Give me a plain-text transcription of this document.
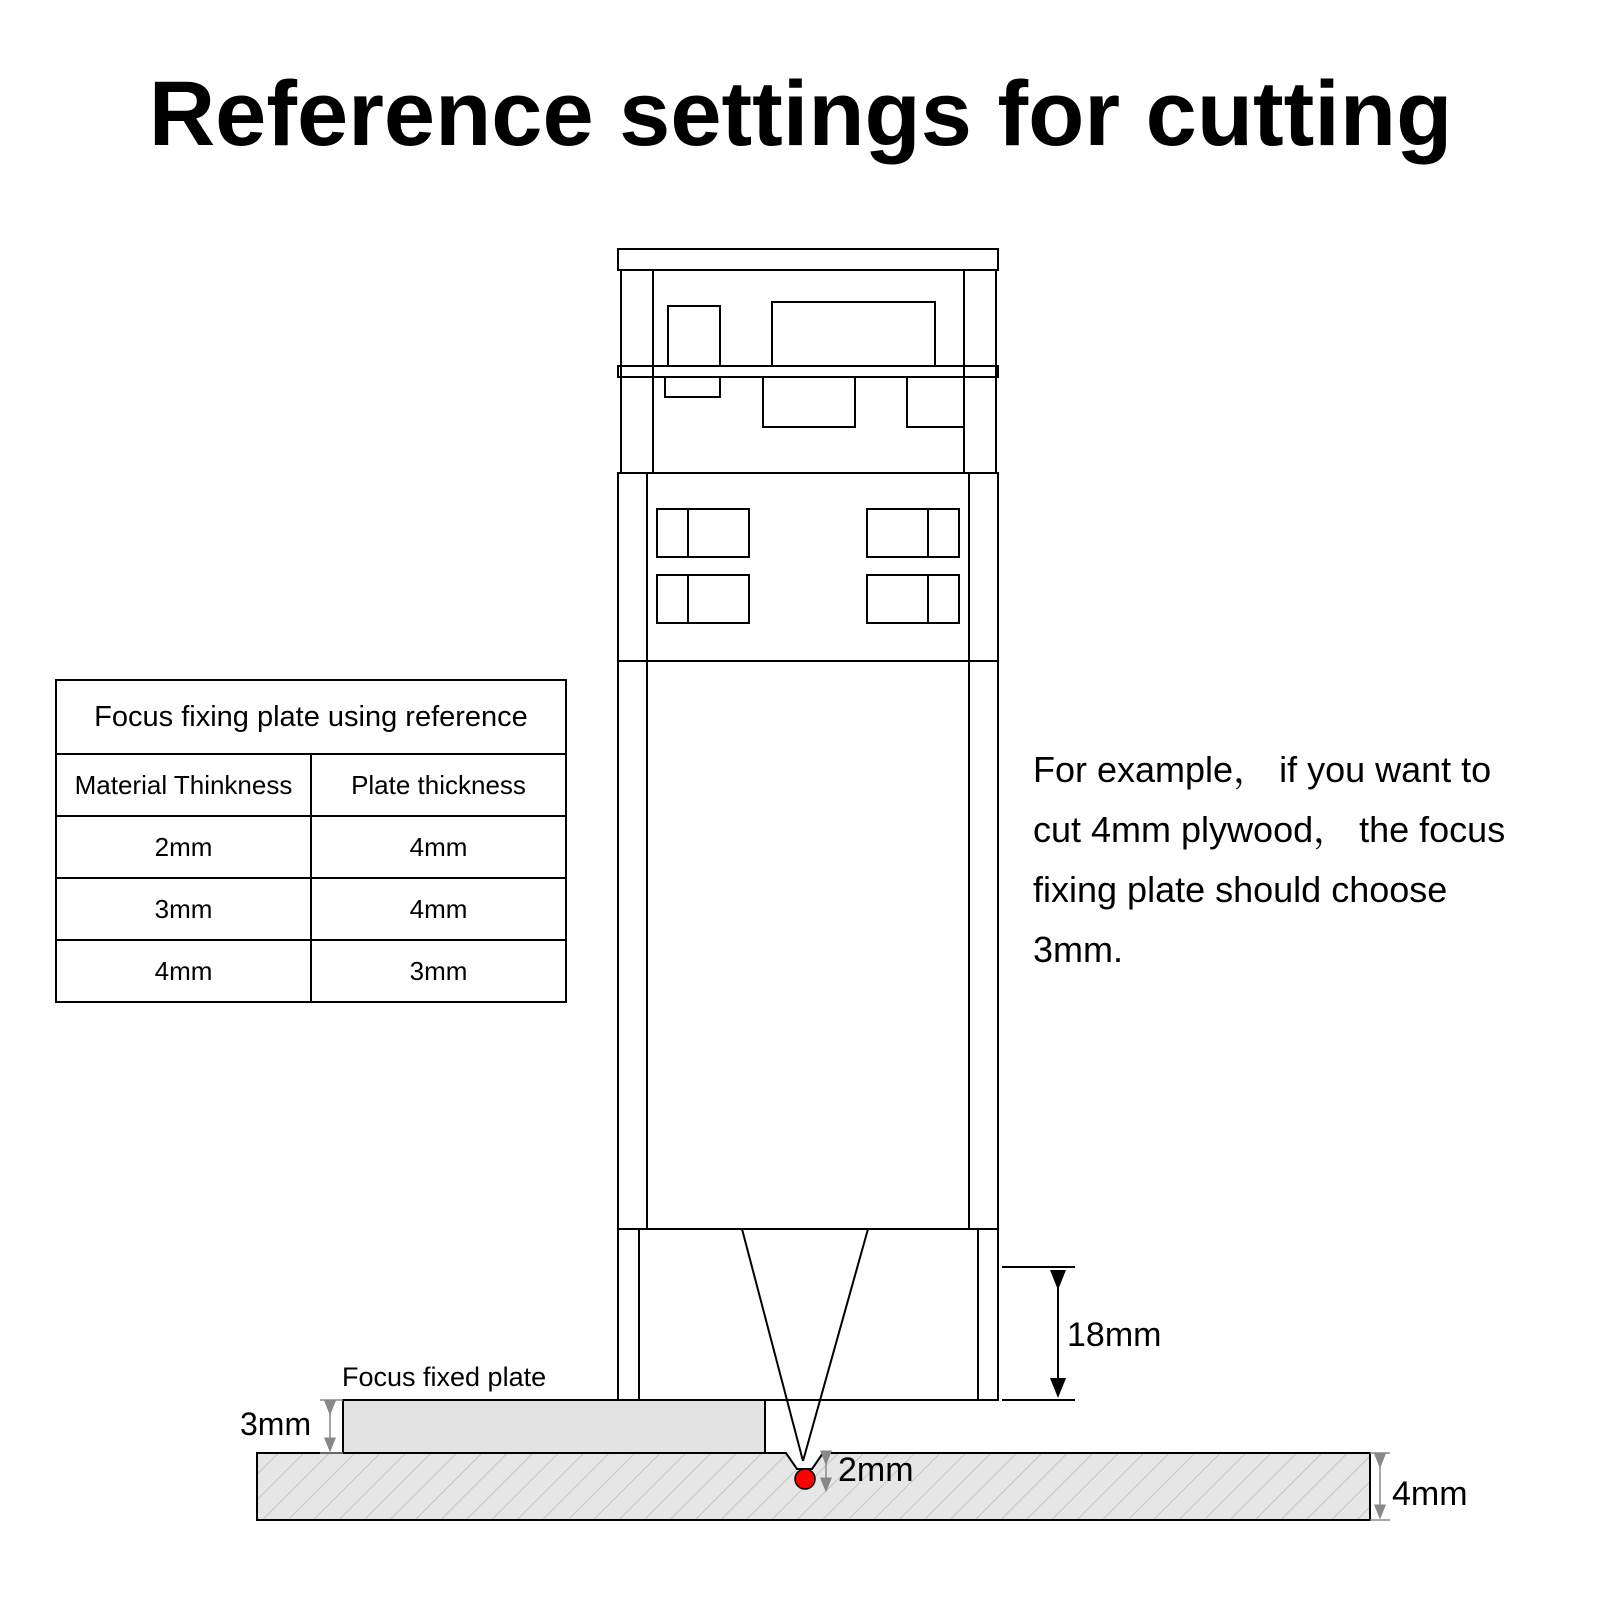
Reference settings for cutting
Focus fixing plate using reference	
Material Thinkness	Plate thickness
2mm	4mm
3mm	4mm
4mm	3mm
For example， if you want to
cut 4mm plywood， the focus
fixing plate should choose
3mm.
18mm
Focus fixed plate
3mm
2mm
4mm
